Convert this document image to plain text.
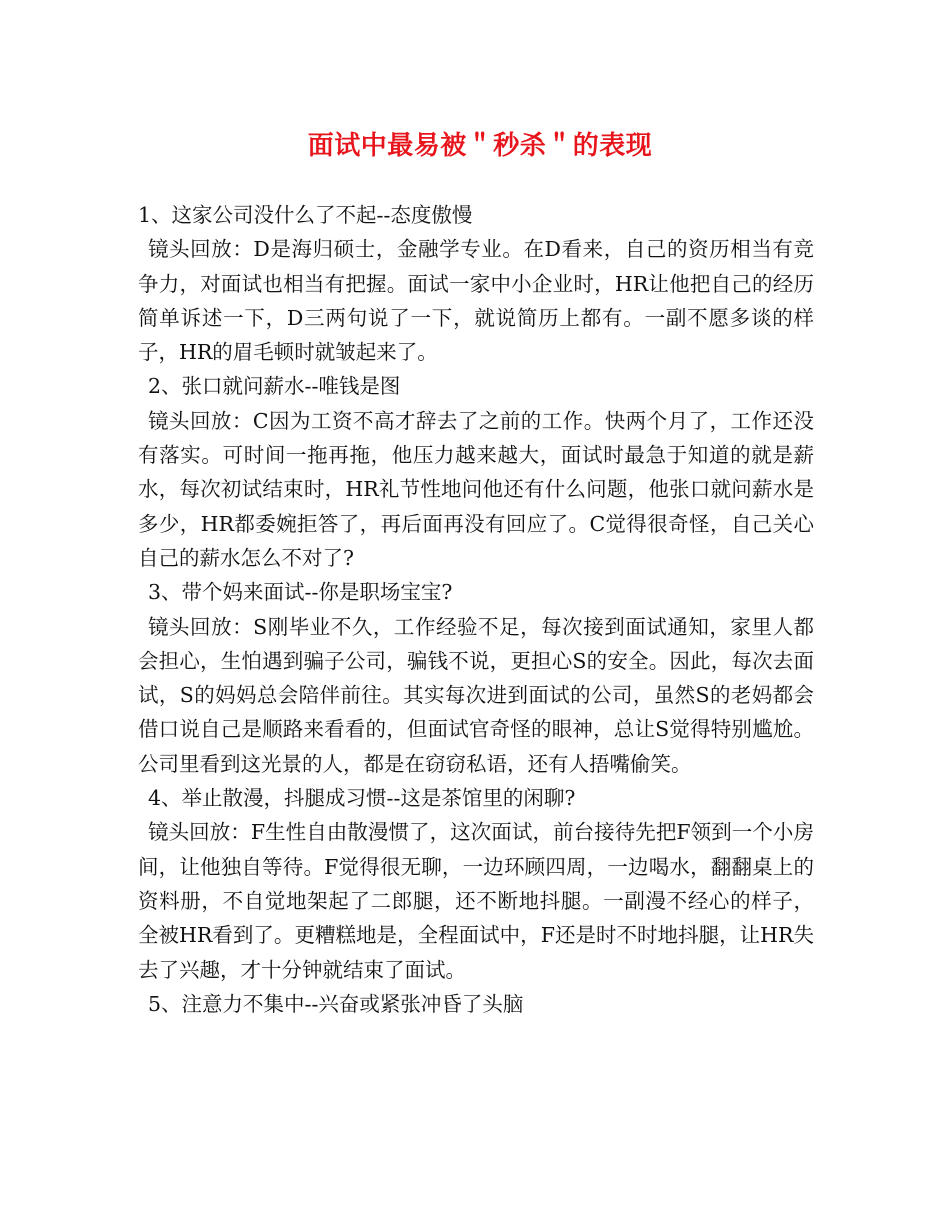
面试中最易被＂秒杀＂的表现

1、这家公司没什么了不起--态度傲慢

镜头回放：D是海归硕士，金融学专业。在D看来，自己的资历相当有竞争力，对面试也相当有把握。面试一家中小企业时，HR让他把自己的经历简单诉述一下，D三两句说了一下，就说简历上都有。一副不愿多谈的样子，HR的眉毛顿时就皱起来了。

2、张口就问薪水--唯钱是图

镜头回放：C因为工资不高才辞去了之前的工作。快两个月了，工作还没有落实。可时间一拖再拖，他压力越来越大，面试时最急于知道的就是薪水，每次初试结束时，HR礼节性地问他还有什么问题，他张口就问薪水是多少，HR都委婉拒答了，再后面再没有回应了。C觉得很奇怪，自己关心自己的薪水怎么不对了?

3、带个妈来面试--你是职场宝宝?

镜头回放：S刚毕业不久，工作经验不足，每次接到面试通知，家里人都会担心，生怕遇到骗子公司，骗钱不说，更担心S的安全。因此，每次去面试，S的妈妈总会陪伴前往。其实每次进到面试的公司，虽然S的老妈都会借口说自己是顺路来看看的，但面试官奇怪的眼神，总让S觉得特别尴尬。公司里看到这光景的人，都是在窃窃私语，还有人捂嘴偷笑。

4、举止散漫，抖腿成习惯--这是茶馆里的闲聊?

镜头回放：F生性自由散漫惯了，这次面试，前台接待先把F领到一个小房间，让他独自等待。F觉得很无聊，一边环顾四周，一边喝水，翻翻桌上的资料册，不自觉地架起了二郎腿，还不断地抖腿。一副漫不经心的样子，全被HR看到了。更糟糕地是，全程面试中，F还是时不时地抖腿，让HR失去了兴趣，才十分钟就结束了面试。

5、注意力不集中--兴奋或紧张冲昏了头脑
